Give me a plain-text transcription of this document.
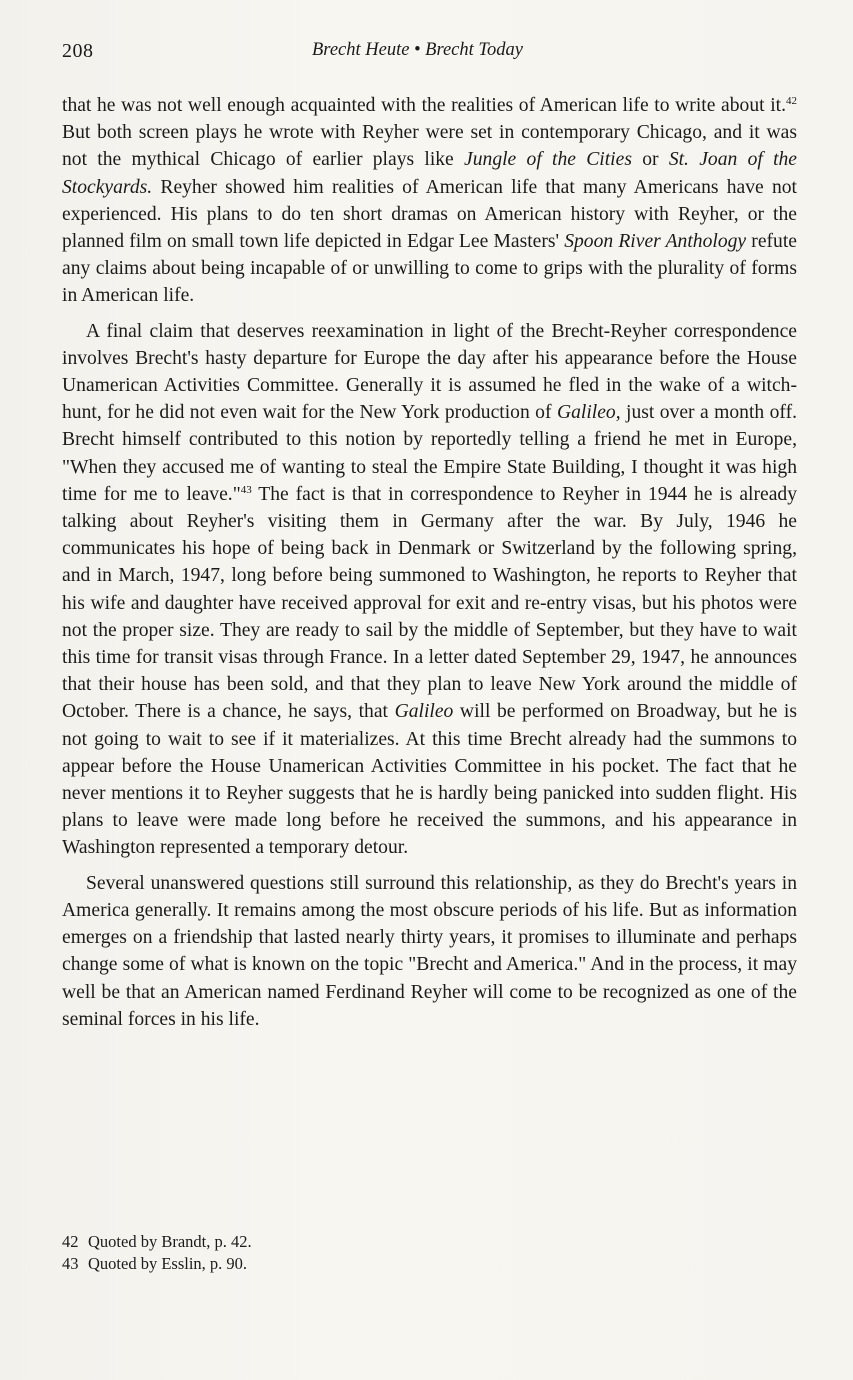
208	Brecht Heute • Brecht Today

that he was not well enough acquainted with the realities of American life to write about it.$^{42}$ But both screen plays he wrote with Reyher were set in contemporary Chicago, and it was not the mythical Chicago of earlier plays like Jungle of the Cities or St. Joan of the Stockyards. Reyher showed him realities of American life that many Americans have not experienced. His plans to do ten short dramas on American history with Reyher, or the planned film on small town life depicted in Edgar Lee Masters' Spoon River Anthology refute any claims about being incapable of or unwilling to come to grips with the plurality of forms in American life.

A final claim that deserves reexamination in light of the Brecht-Reyher correspondence involves Brecht's hasty departure for Europe the day after his appearance before the House Unamerican Activities Committee. Generally it is assumed he fled in the wake of a witch-hunt, for he did not even wait for the New York production of Galileo, just over a month off. Brecht himself contributed to this notion by reportedly telling a friend he met in Europe, "When they accused me of wanting to steal the Empire State Building, I thought it was high time for me to leave."$^{43}$ The fact is that in correspondence to Reyher in 1944 he is already talking about Reyher's visiting them in Germany after the war. By July, 1946 he communicates his hope of being back in Denmark or Switzerland by the following spring, and in March, 1947, long before being summoned to Washington, he reports to Reyher that his wife and daughter have received approval for exit and re-entry visas, but his photos were not the proper size. They are ready to sail by the middle of September, but they have to wait this time for transit visas through France. In a letter dated September 29, 1947, he announces that their house has been sold, and that they plan to leave New York around the middle of October. There is a chance, he says, that Galileo will be performed on Broadway, but he is not going to wait to see if it materializes. At this time Brecht already had the summons to appear before the House Unamerican Activities Committee in his pocket. The fact that he never mentions it to Reyher suggests that he is hardly being panicked into sudden flight. His plans to leave were made long before he received the summons, and his appearance in Washington represented a temporary detour.

Several unanswered questions still surround this relationship, as they do Brecht's years in America generally. It remains among the most obscure periods of his life. But as information emerges on a friendship that lasted nearly thirty years, it promises to illuminate and perhaps change some of what is known on the topic "Brecht and America." And in the process, it may well be that an American named Ferdinand Reyher will come to be recognized as one of the seminal forces in his life.

42 Quoted by Brandt, p. 42.
43 Quoted by Esslin, p. 90.
